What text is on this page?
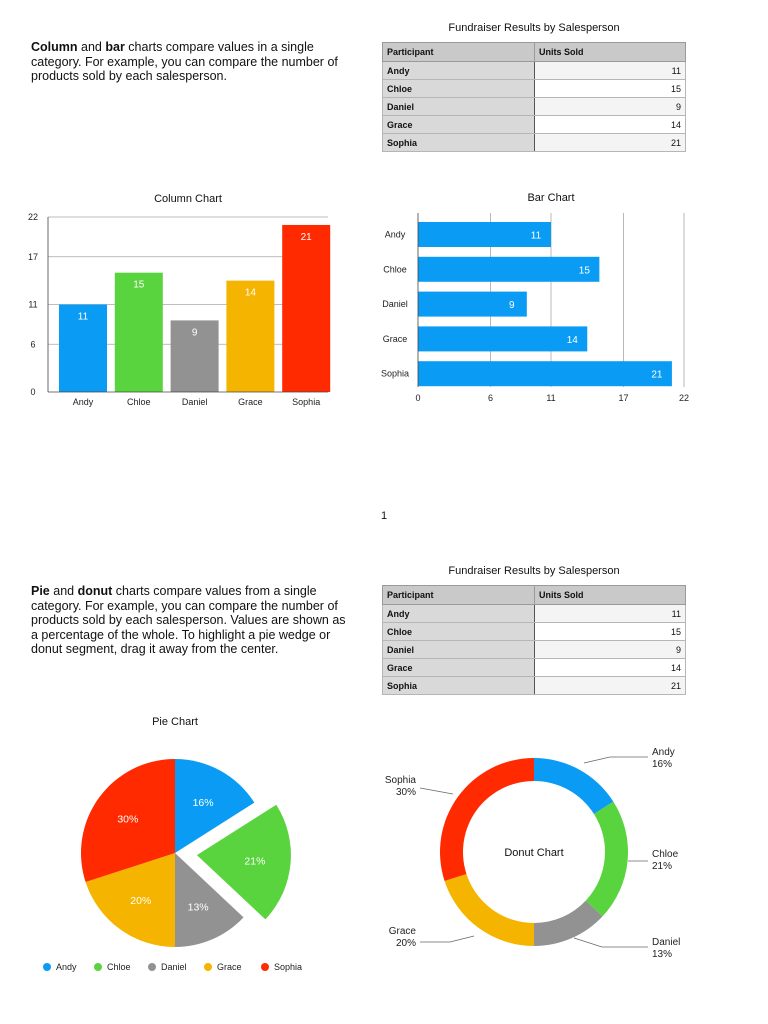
Column and bar charts compare values in a single category. For example, you can compare the number of products sold by each salesperson.
Fundraiser Results by Salesperson
Participant	Units Sold
Andy	11
Chloe	15
Daniel	9
Grace	14
Sophia	21
Column Chart
0
6
11
17
22
11
Andy
15
Chloe
9
Daniel
14
Grace
21
Sophia
Bar Chart
0	6	11	17	22
11
Andy
15
Chloe
9
Daniel
14
Grace
21
Sophia
1
Pie and donut charts compare values from a single category. For example, you can compare the number of products sold by each salesperson. Values are shown as a percentage of the whole. To highlight a pie wedge or donut segment, drag it away from the center.
Fundraiser Results by Salesperson
Participant	Units Sold
Andy	11
Chloe	15
Daniel	9
Grace	14
Sophia	21
Pie Chart
16%
21%
13%
20%
30%
Andy	Chloe	Daniel	Grace	Sophia
Andy
16%
Chloe
21%
Daniel
13%
Grace
20%
Sophia
30%
Donut Chart
